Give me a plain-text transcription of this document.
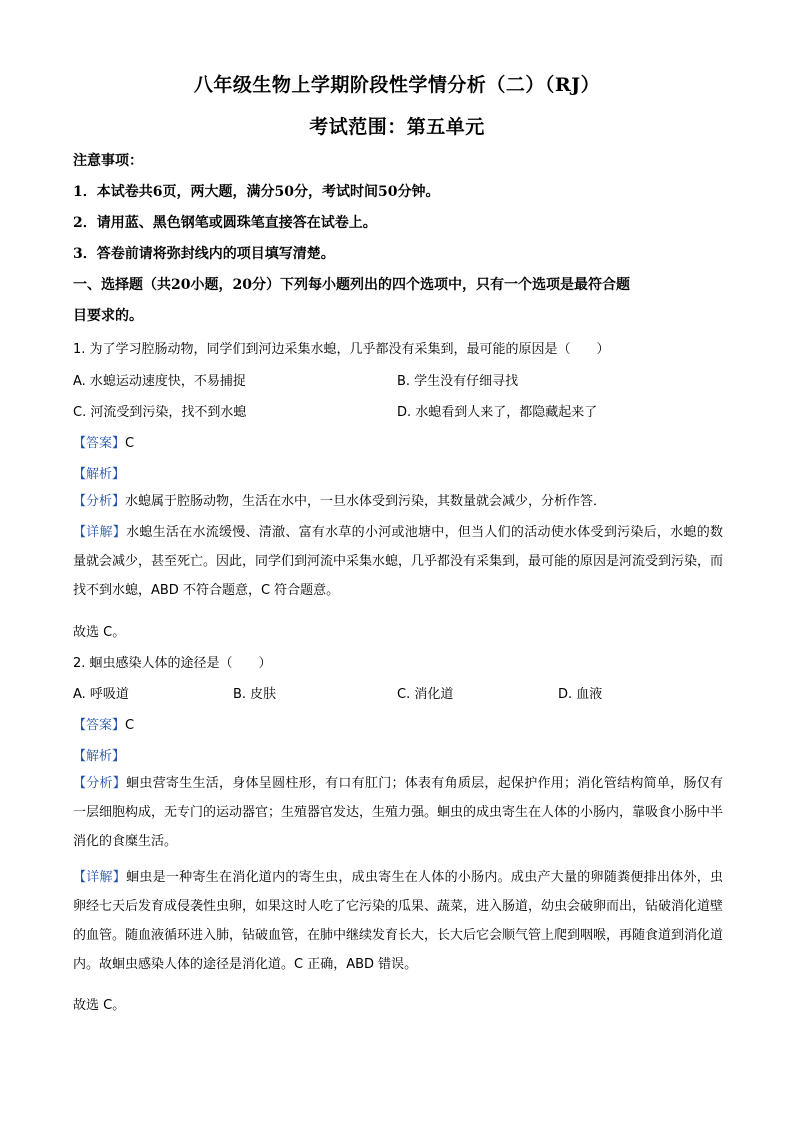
八年级生物上学期阶段性学情分析（二）（RJ）
考试范围：第五单元
注意事项：
1．本试卷共6页，两大题，满分50分，考试时间50分钟。
2．请用蓝、黑色钢笔或圆珠笔直接答在试卷上。
3．答卷前请将弥封线内的项目填写清楚。
一、选择题（共20小题，20分）下列每小题列出的四个选项中，只有一个选项是最符合题
目要求的。
1. 为了学习腔肠动物，同学们到河边采集水螅，几乎都没有采集到，最可能的原因是（　　）
A. 水螅运动速度快，不易捕捉	B. 学生没有仔细寻找
C. 河流受到污染，找不到水螅	D. 水螅看到人来了，都隐藏起来了
【答案】C
【解析】
【分析】水螅属于腔肠动物，生活在水中，一旦水体受到污染，其数量就会减少，分析作答．
【详解】水螅生活在水流缓慢、清澈、富有水草的小河或池塘中，但当人们的活动使水体受到污染后，水螅的数量就会减少，甚至死亡。因此，同学们到河流中采集水螅，几乎都没有采集到，最可能的原因是河流受到污染，而找不到水螅，ABD 不符合题意，C 符合题意。
故选 C。
2. 蛔虫感染人体的途径是（　　）
A. 呼吸道	B. 皮肤	C. 消化道	D. 血液
【答案】C
【解析】
【分析】蛔虫营寄生生活，身体呈圆柱形，有口有肛门；体表有角质层，起保护作用；消化管结构简单，肠仅有一层细胞构成，无专门的运动器官；生殖器官发达，生殖力强。蛔虫的成虫寄生在人体的小肠内，靠吸食小肠中半消化的食糜生活。
【详解】蛔虫是一种寄生在消化道内的寄生虫，成虫寄生在人体的小肠内。成虫产大量的卵随粪便排出体外，虫卵经七天后发育成侵袭性虫卵，如果这时人吃了它污染的瓜果、蔬菜，进入肠道，幼虫会破卵而出，钻破消化道壁的血管。随血液循环进入肺，钻破血管，在肺中继续发育长大，长大后它会顺气管上爬到咽喉，再随食道到消化道内。故蛔虫感染人体的途径是消化道。C 正确，ABD 错误。
故选 C。
